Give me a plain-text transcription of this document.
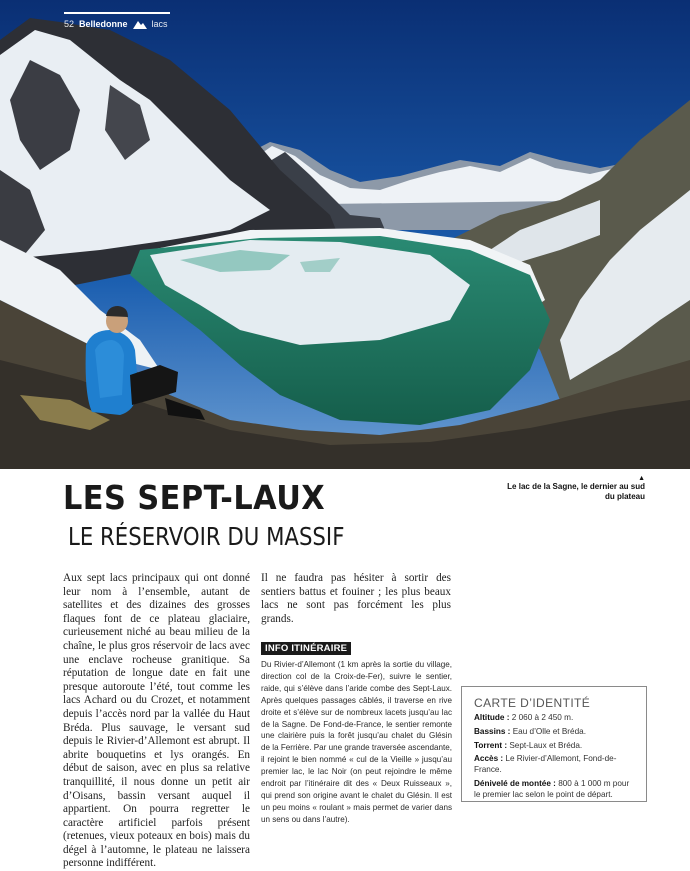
52 Belledonne	lacs
▲
Le lac de la Sagne, le dernier au sud du plateau
LES SEPT-LAUX
LE RÉSERVOIR DU MASSIF
Aux sept lacs principaux qui ont donné leur nom à l’ensemble, autant de satellites et des dizaines des grosses flaques font de ce plateau glaciaire, curieusement niché au beau milieu de la chaîne, le plus gros réservoir de lacs avec une enclave rocheuse granitique. Sa réputation de longue date en fait une presque autoroute l’été, tout comme les lacs Achard ou du Crozet, et notamment depuis l’accès nord par la vallée du Haut Bréda. Plus sauvage, le versant sud depuis le Rivier-d’Allemont est abrupt. Il abrite bouquetins et lys orangés. En début de saison, avec en plus sa relative tranquillité, il nous donne un petit air d’Oisans, bassin versant auquel il appartient. On pourra regretter le caractère artificiel parfois présent (retenues, vieux poteaux en bois) mais du dégel à l’automne, le plateau ne laissera personne indifférent.
Il ne faudra pas hésiter à sortir des sentiers battus et fouiner ; les plus beaux lacs ne sont pas forcément les plus grands.
INFO ITINÉRAIRE
Du Rivier-d’Allemont (1 km après la sortie du village, direction col de la Croix-de-Fer), suivre le sentier, raide, qui s’élève dans l’aride combe des Sept-Laux. Après quelques passages câblés, il traverse en rive droite et s’élève sur de nombreux lacets jusqu’au lac de la Sagne. De Fond-de-France, le sentier remonte une clairière puis la forêt jusqu’au chalet du Glésin de la Ferrière. Par une grande traversée ascendante, il rejoint le bien nommé « cul de la Vieille » jusqu’au premier lac, le lac Noir (on peut rejoindre le même endroit par l’itinéraire dit des « Deux Ruisseaux », qui prend son origine avant le chalet du Glésin. Il est un peu moins « roulant » mais permet de varier dans un sens ou dans l’autre).
CARTE D’IDENTITÉ
Altitude : 2 060 à 2 450 m.
Bassins : Eau d’Olle et Bréda.
Torrent : Sept-Laux et Bréda.
Accès : Le Rivier-d’Allemont, Fond-de-France.
Dénivelé de montée : 800 à 1 000 m pour le premier lac selon le point de départ.
